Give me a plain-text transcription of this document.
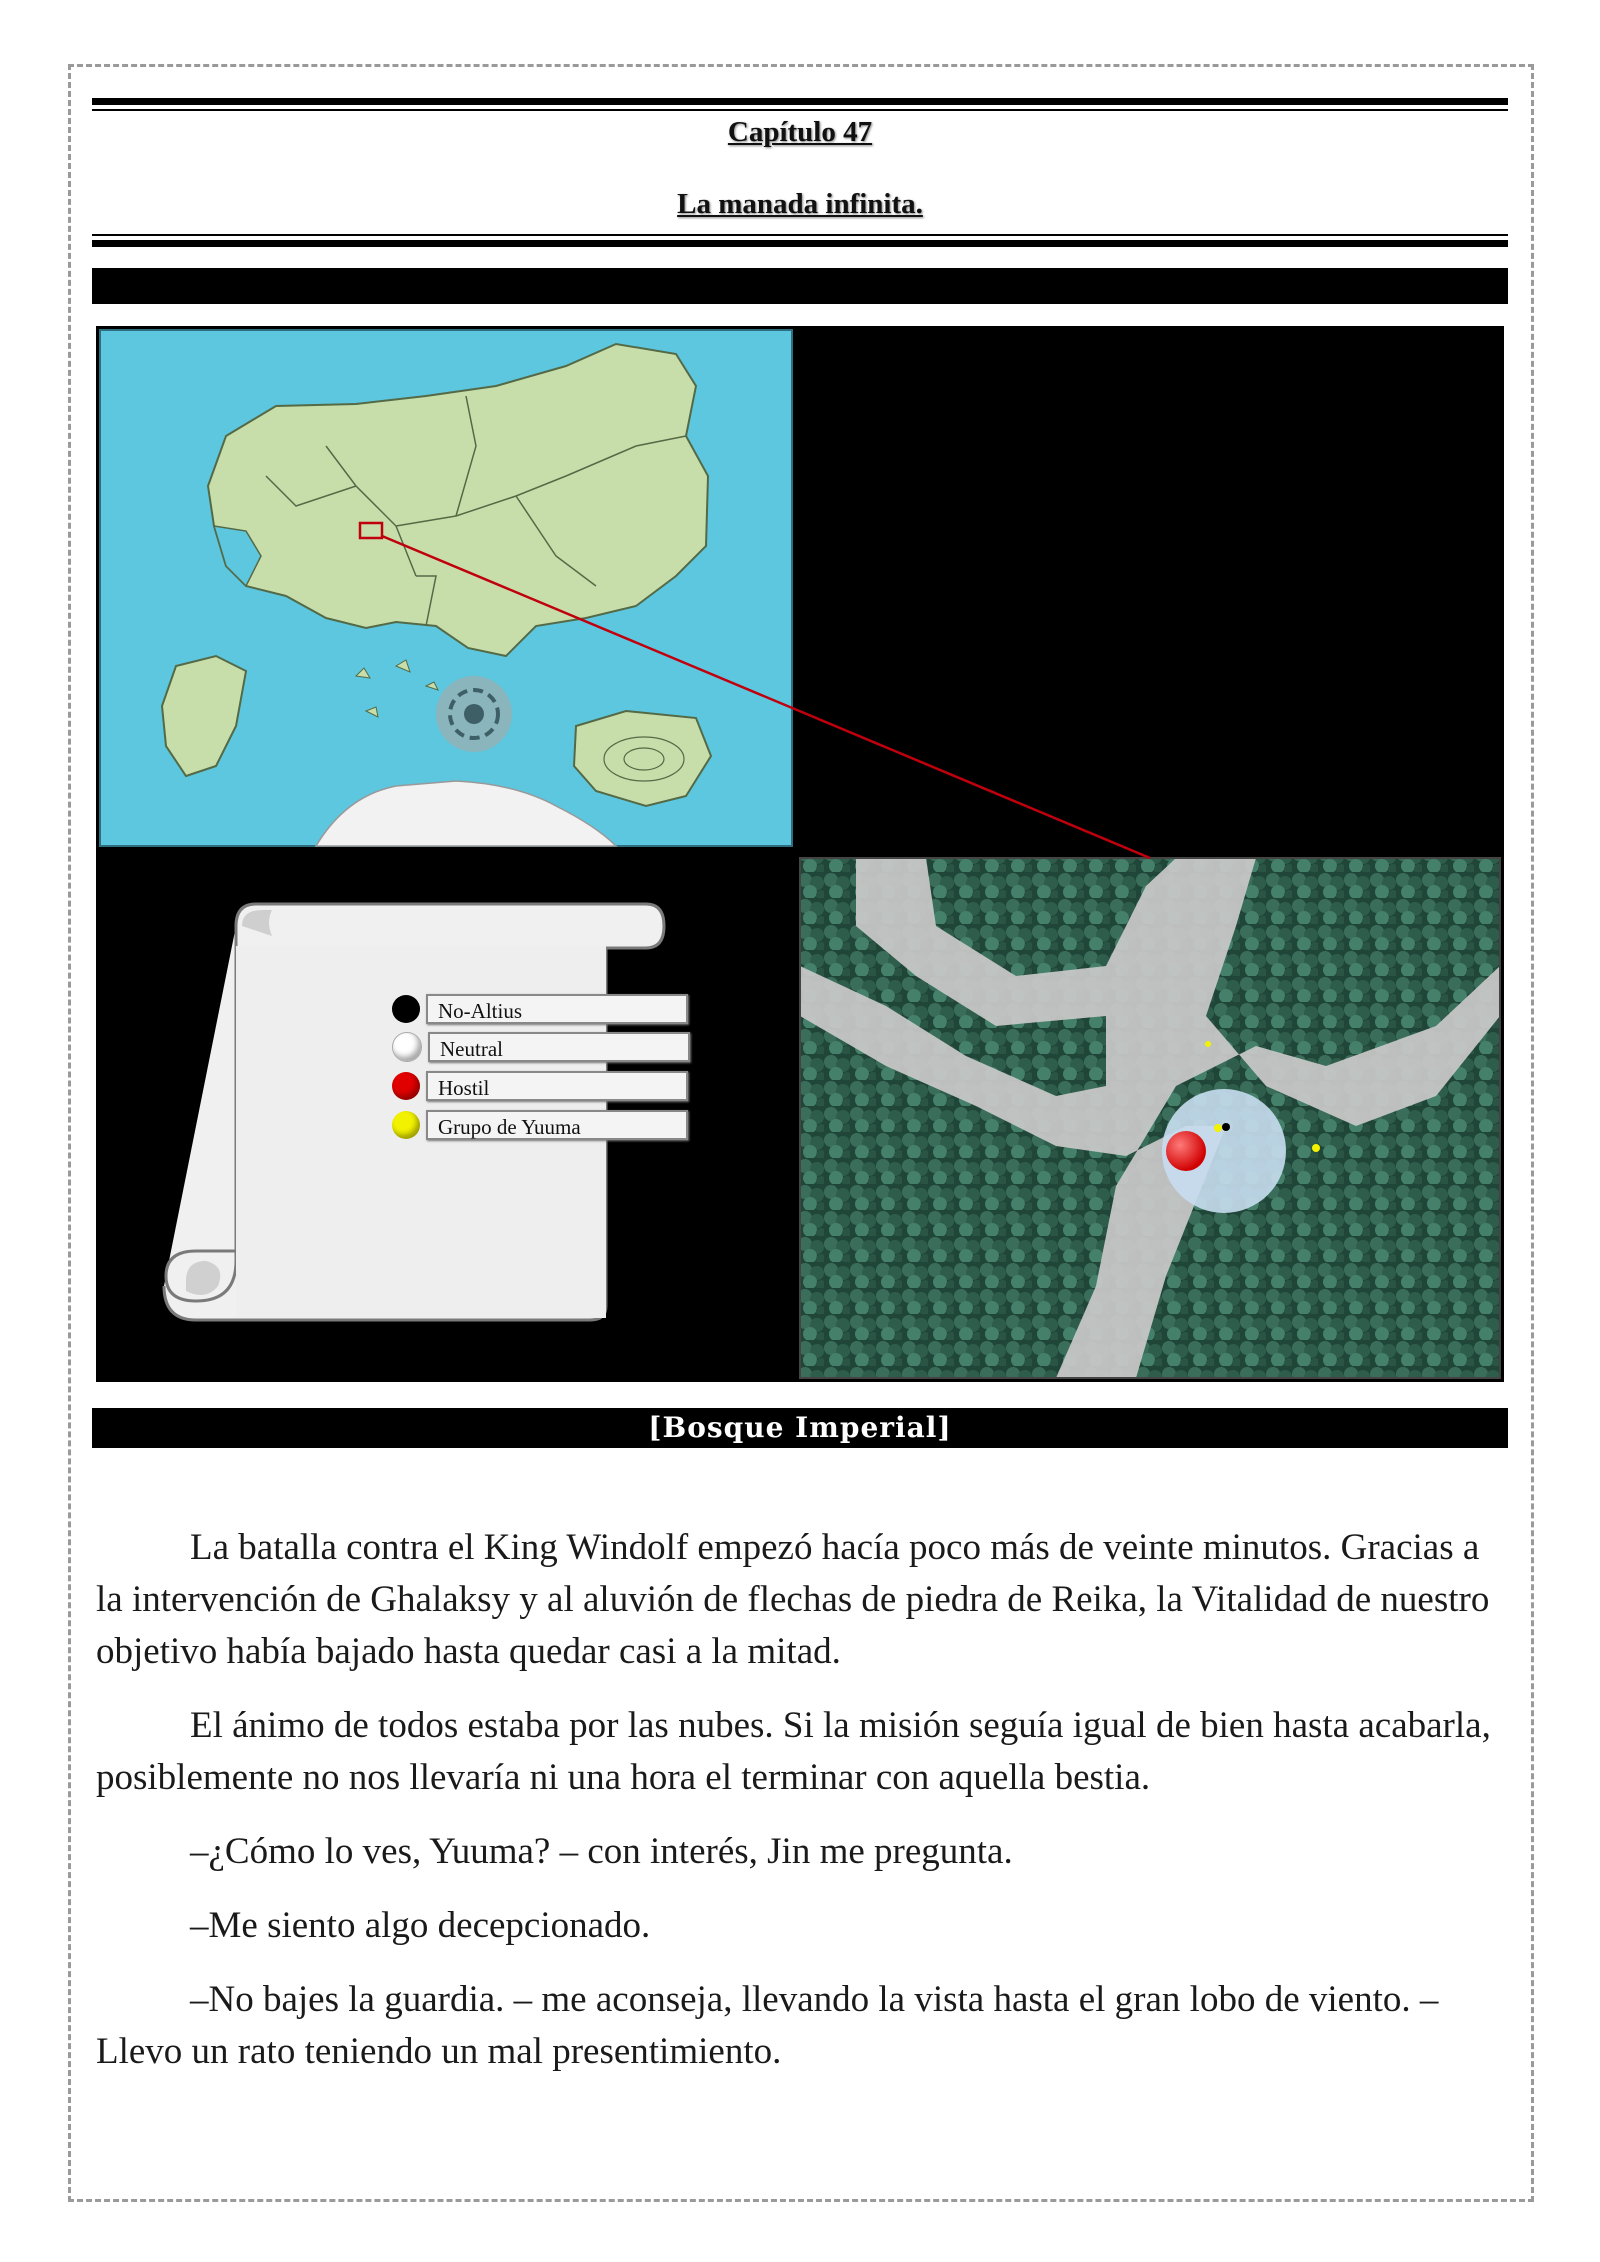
Capítulo 47
La manada infinita.
No-Altius
Neutral
Hostil
Grupo de Yuuma
[Bosque Imperial]

La batalla contra el King Windolf empezó hacía poco más de veinte minutos. Gracias a la intervención de Ghalaksy y al aluvión de flechas de piedra de Reika, la Vitalidad de nuestro objetivo había bajado hasta quedar casi a la mitad.

El ánimo de todos estaba por las nubes. Si la misión seguía igual de bien hasta acabarla, posiblemente no nos llevaría ni una hora el terminar con aquella bestia.

–¿Cómo lo ves, Yuuma? – con interés, Jin me pregunta.

–Me siento algo decepcionado.

–No bajes la guardia. – me aconseja, llevando la vista hasta el gran lobo de viento. –Llevo un rato teniendo un mal presentimiento.
